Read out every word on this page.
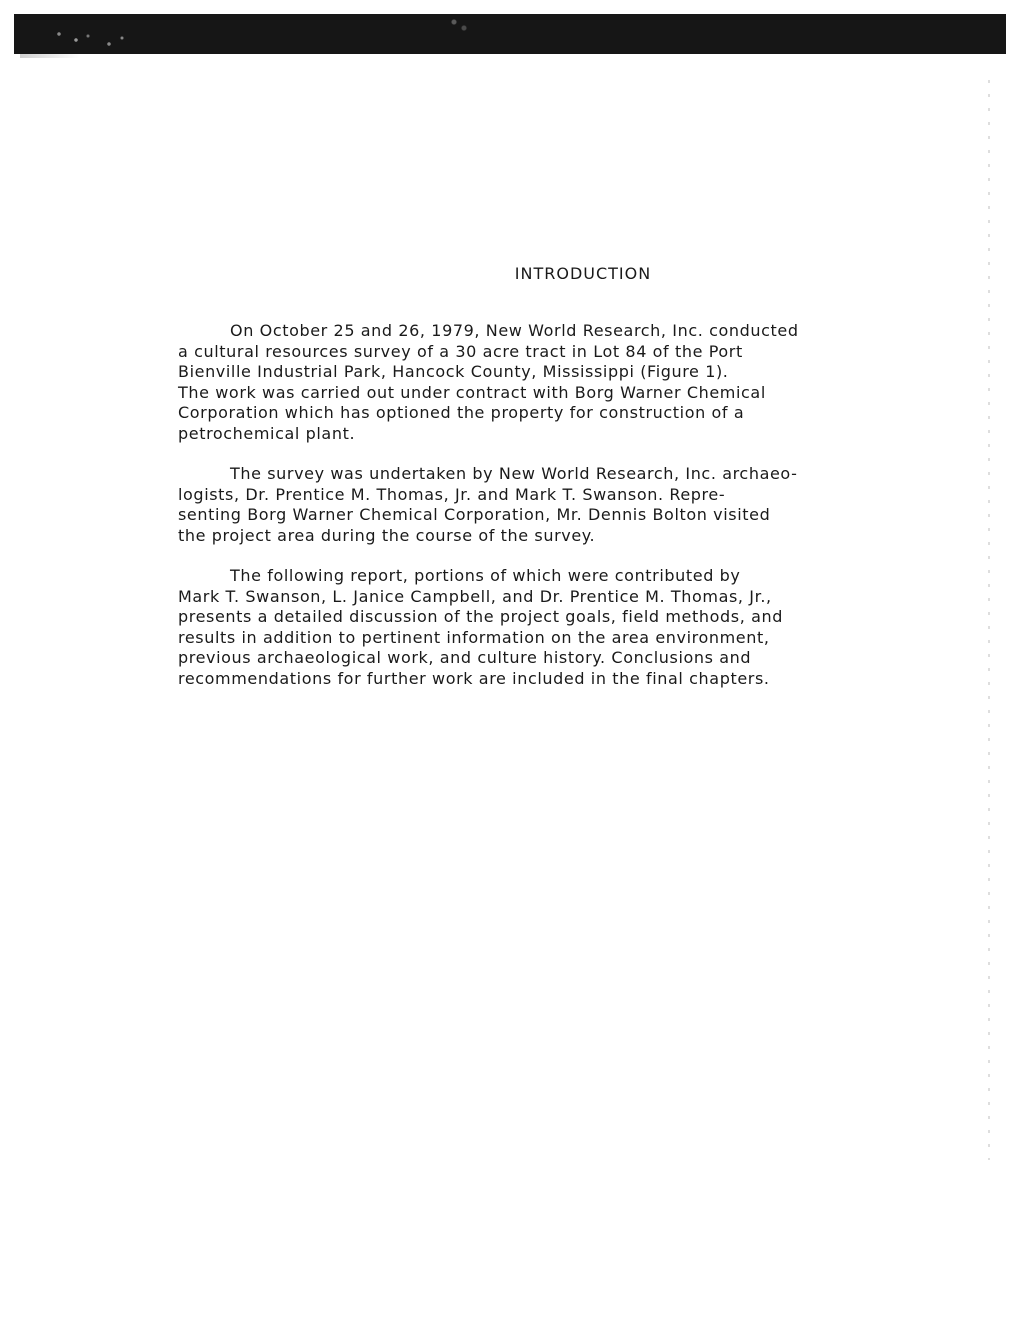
INTRODUCTION

On October 25 and 26, 1979, New World Research, Inc. conducted
a cultural resources survey of a 30 acre tract in Lot 84 of the Port
Bienville Industrial Park, Hancock County, Mississippi (Figure 1).
The work was carried out under contract with Borg Warner Chemical
Corporation which has optioned the property for construction of a
petrochemical plant.

The survey was undertaken by New World Research, Inc. archaeo-
logists, Dr. Prentice M. Thomas, Jr. and Mark T. Swanson. Repre-
senting Borg Warner Chemical Corporation, Mr. Dennis Bolton visited
the project area during the course of the survey.

The following report, portions of which were contributed by
Mark T. Swanson, L. Janice Campbell, and Dr. Prentice M. Thomas, Jr.,
presents a detailed discussion of the project goals, field methods, and
results in addition to pertinent information on the area environment,
previous archaeological work, and culture history. Conclusions and
recommendations for further work are included in the final chapters.
